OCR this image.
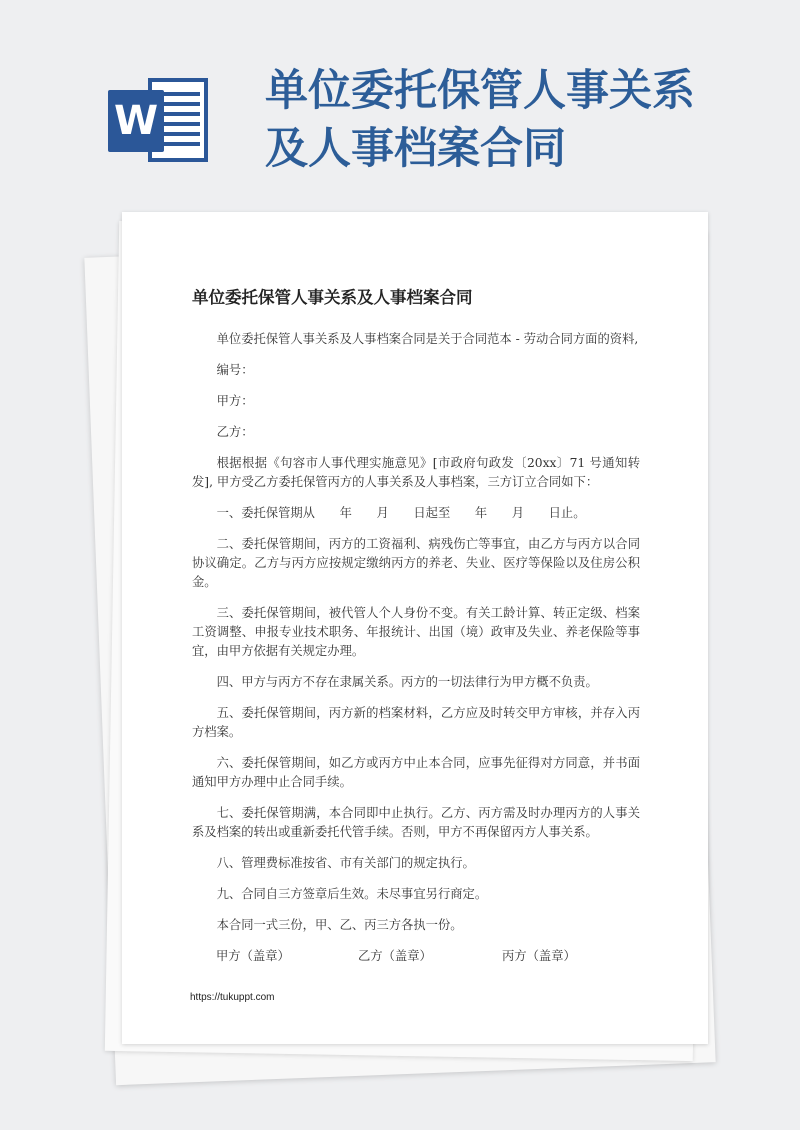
W
单位委托保管人事关系
及人事档案合同
单位委托保管人事关系及人事档案合同

单位委托保管人事关系及人事档案合同是关于合同范本 - 劳动合同方面的资料,

编号：

甲方：

乙方：

根据根据《句容市人事代理实施意见》[市政府句政发〔20xx〕71 号通知转发], 甲方受乙方委托保管丙方的人事关系及人事档案，三方订立合同如下：

一、委托保管期从　　年　　月　　日起至　　年　　月　　日止。

二、委托保管期间，丙方的工资福利、病残伤亡等事宜，由乙方与丙方以合同协议确定。乙方与丙方应按规定缴纳丙方的养老、失业、医疗等保险以及住房公积金。

三、委托保管期间，被代管人个人身份不变。有关工龄计算、转正定级、档案工资调整、申报专业技术职务、年报统计、出国（境）政审及失业、养老保险等事宜，由甲方依据有关规定办理。

四、甲方与丙方不存在隶属关系。丙方的一切法律行为甲方概不负责。

五、委托保管期间，丙方新的档案材料，乙方应及时转交甲方审核，并存入丙方档案。

六、委托保管期间，如乙方或丙方中止本合同，应事先征得对方同意，并书面通知甲方办理中止合同手续。

七、委托保管期满，本合同即中止执行。乙方、丙方需及时办理丙方的人事关系及档案的转出或重新委托代管手续。否则，甲方不再保留丙方人事关系。

八、管理费标准按省、市有关部门的规定执行。

九、合同自三方签章后生效。未尽事宜另行商定。

本合同一式三份，甲、乙、丙三方各执一份。

甲方（盖章）	乙方（盖章）	丙方（盖章）
https://tukuppt.com
